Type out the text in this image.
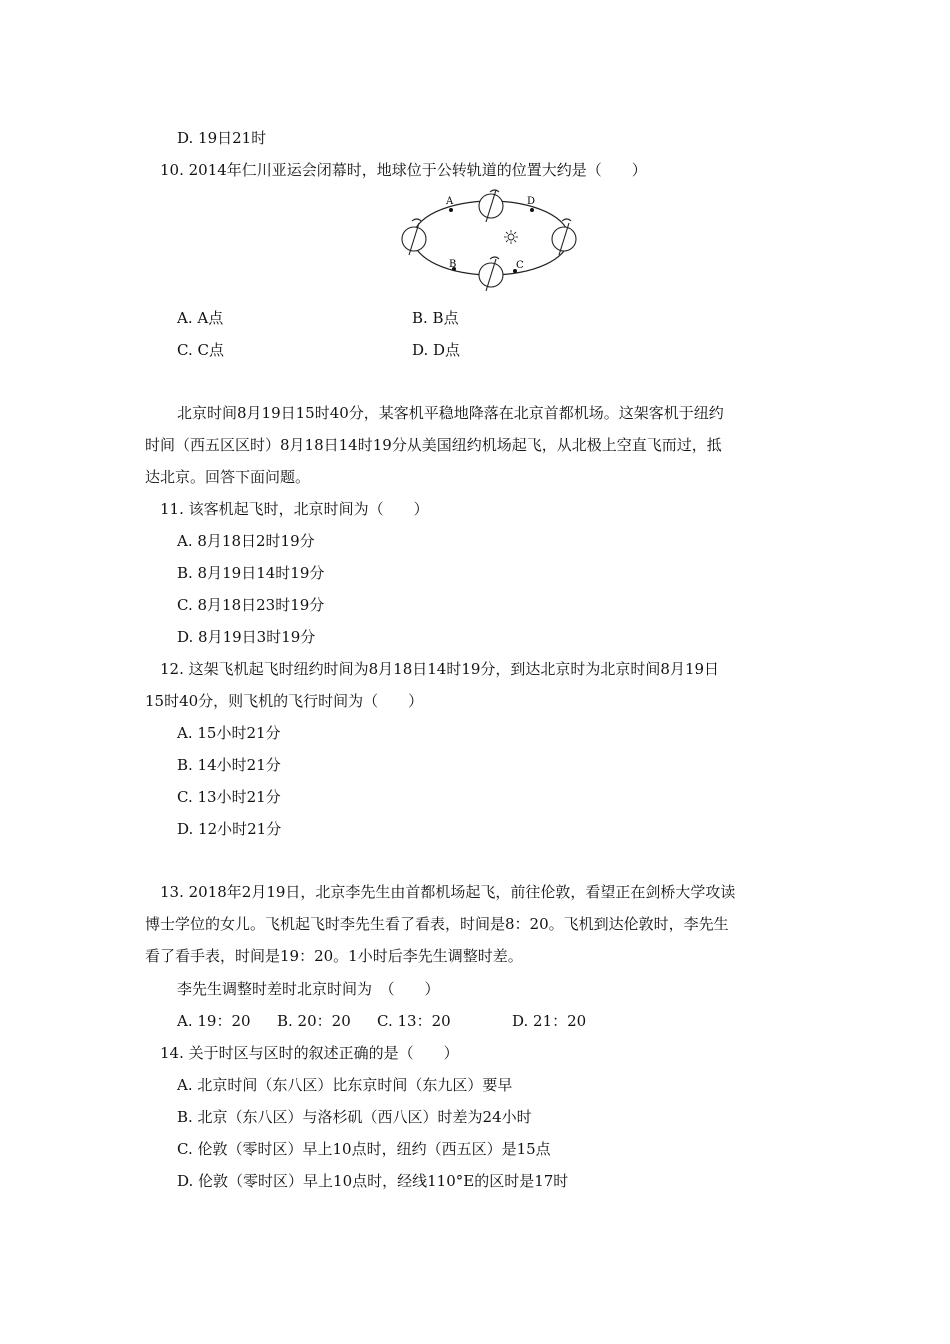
D. 19日21时
10. 2014年仁川亚运会闭幕时，地球位于公转轨道的位置大约是（　　）
A	D
B	C
A. A点	B. B点
C. C点	D. D点
北京时间8月19日15时40分，某客机平稳地降落在北京首都机场。这架客机于纽约
时间（西五区区时）8月18日14时19分从美国纽约机场起飞，从北极上空直飞而过，抵
达北京。回答下面问题。
11. 该客机起飞时，北京时间为（　　）
A. 8月18日2时19分
B. 8月19日14时19分
C. 8月18日23时19分
D. 8月19日3时19分
12. 这架飞机起飞时纽约时间为8月18日14时19分，到达北京时为北京时间8月19日
15时40分，则飞机的飞行时间为（　　）
A. 15小时21分
B. 14小时21分
C. 13小时21分
D. 12小时21分
13. 2018年2月19日，北京李先生由首都机场起飞，前往伦敦，看望正在剑桥大学攻读
博士学位的女儿。飞机起飞时李先生看了看表，时间是8：20。飞机到达伦敦时，李先生
看了看手表，时间是19：20。1小时后李先生调整时差。
李先生调整时差时北京时间为　（　　）
A. 19：20 B. 20：20 C. 13：20	D. 21：20
14. 关于时区与区时的叙述正确的是（　　）
A. 北京时间（东八区）比东京时间（东九区）要早
B. 北京（东八区）与洛杉矶（西八区）时差为24小时
C. 伦敦（零时区）早上10点时，纽约（西五区）是15点
D. 伦敦（零时区）早上10点时，经线110°E的区时是17时
